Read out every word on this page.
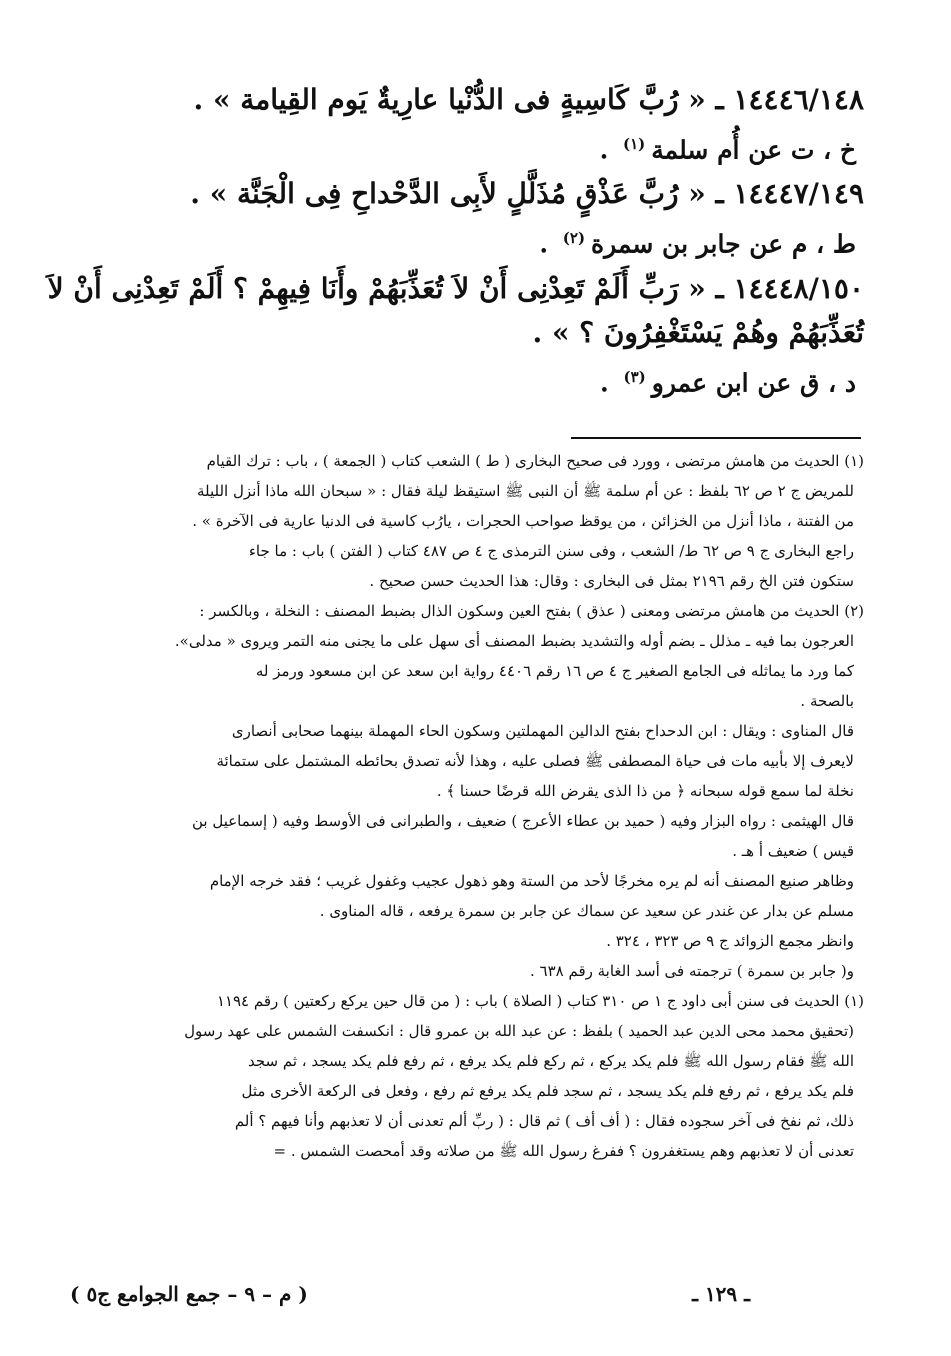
١٤٤٤٦/١٤٨ ـ « رُبَّ كَاسِيةٍ فى الدُّنْيا عارِيةٌ يَوم القِيامة » .
خ ، ت عن أُم سلمة$^{(١)}$ .
١٤٤٤٧/١٤٩ ـ « رُبَّ عَذْقٍ مُذَلَّلٍ لأَبِى الدَّحْداحِ فِى الْجَنَّة » .
ط ، م عن جابر بن سمرة$^{(٢)}$ .
١٤٤٤٨/١٥٠ ـ « رَبِّ أَلَمْ تَعِدْنِى أَنْ لاَ تُعَذِّبَهُمْ وأَنَا فِيهِمْ ؟ أَلَمْ تَعِدْنِى أَنْ لاَ
تُعَذِّبَهُمْ وهُمْ يَسْتَغْفِرُونَ ؟ » .
د ، ق عن ابن عمرو$^{(٣)}$ .

(١) الحديث من هامش مرتضى ، وورد فى صحيح البخارى ( ط ) الشعب كتاب ( الجمعة ) ، باب : ترك القيام

للمريض ج ٢ ص ٦٢ بلفظ : عن أم سلمة ﷺ أن النبى ﷺ استيقظ ليلة فقال : « سبحان الله ماذا أنزل الليلة

من الفتنة ، ماذا أنزل من الخزائن ، من يوقظ صواحب الحجرات ، يارُب كاسية فى الدنيا عارية فى الآخرة » .

راجع البخارى ج ٩ ص ٦٢ ط/ الشعب ، وفى سنن الترمذى ج ٤ ص ٤٨٧ كتاب ( الفتن ) باب : ما جاء

ستكون فتن الخ رقم ٢١٩٦ بمثل فى البخارى : وقال: هذا الحديث حسن صحيح .

(٢) الحديث من هامش مرتضى ومعنى ( عذق ) بفتح العين وسكون الذال بضبط المصنف : النخلة ، وبالكسر :

العرجون بما فيه ـ مذلل ـ بضم أوله والتشديد بضبط المصنف أى سهل على ما يجنى منه التمر ويروى « مدلى».

كما ورد ما يماثله فى الجامع الصغير ج ٤ ص ١٦ رقم ٤٤٠٦ رواية ابن سعد عن ابن مسعود ورمز له

بالصحة .

قال المناوى : ويقال : ابن الدحداح بفتح الدالين المهملتين وسكون الحاء المهملة بينهما صحابى أنصارى

لايعرف إلا بأبيه مات فى حياة المصطفى ﷺ فصلى عليه ، وهذا لأنه تصدق بحائطه المشتمل على ستمائة

نخلة لما سمع قوله سبحانه ﴿ من ذا الذى يقرض الله قرضًا حسنا ﴾ .

قال الهيثمى : رواه البزار وفيه ( حميد بن عطاء الأعرج ) ضعيف ، والطبرانى فى الأوسط وفيه ( إسماعيل بن

قيس ) ضعيف أ هـ .

وظاهر صنيع المصنف أنه لم يره مخرجًا لأحد من الستة وهو ذهول عجيب وغفول غريب ؛ فقد خرجه الإمام

مسلم عن بدار عن غندر عن سعيد عن سماك عن جابر بن سمرة يرفعه ، قاله المناوى .

وانظر مجمع الزوائد ج ٩ ص ٣٢٣ ، ٣٢٤ .

و( جابر بن سمرة ) ترجمته فى أسد الغابة رقم ٦٣٨ .

(١) الحديث فى سنن أبى داود ج ١ ص ٣١٠ كتاب ( الصلاة ) باب : ( من قال حين يركع ركعتين ) رقم ١١٩٤

(تحقيق محمد محى الدين عبد الحميد ) بلفظ : عن عبد الله بن عمرو قال : انكسفت الشمس على عهد رسول

الله ﷺ فقام رسول الله ﷺ فلم يكد يركع ، ثم ركع فلم يكد يرفع ، ثم رفع فلم يكد يسجد ، ثم سجد

فلم يكد يرفع ، ثم رفع فلم يكد يسجد ، ثم سجد فلم يكد يرفع ثم رفع ، وفعل فى الركعة الأخرى مثل

ذلك، ثم نفخ فى آخر سجوده فقال : ( أف أف ) ثم قال : ( ربِّ ألم تعدنى أن لا تعذبهم وأنا فيهم ؟ ألم

تعدنى أن لا تعذبهم وهم يستغفرون ؟ ففرغ رسول الله ﷺ من صلاته وقد أمحصت الشمس . =

ـ ١٢٩ ـ
( م – ٩ – جمع الجوامع ج٥ )
